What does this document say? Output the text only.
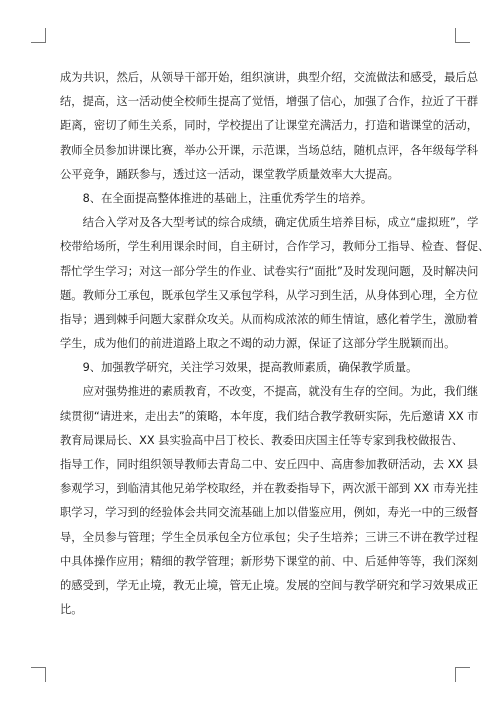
成为共识，然后，从领导干部开始，组织演讲，典型介绍，交流做法和感受，最后总
结，提高，这一活动使全校师生提高了觉悟，增强了信心，加强了合作，拉近了干群
距离，密切了师生关系，同时，学校提出了让课堂充满活力，打造和谐课堂的活动，
教师全员参加讲课比赛，举办公开课，示范课，当场总结，随机点评，各年级每学科
公平竞争，踊跃参与，透过这一活动，课堂教学质量效率大大提高。
　　8、在全面提高整体推进的基础上，注重优秀学生的培养。
　　结合入学对及各大型考试的综合成绩，确定优质生培养目标，成立“虚拟班”，学
校带给场所，学生利用课余时间，自主研讨，合作学习，教师分工指导、检查、督促、
帮忙学生学习；对这一部分学生的作业、试卷实行“面批”及时发现问题，及时解决问
题。教师分工承包，既承包学生又承包学科，从学习到生活，从身体到心理，全方位
指导；遇到棘手问题大家群众攻关。从而构成浓浓的师生情谊，感化着学生，激励着
学生，成为他们的前进道路上取之不竭的动力源，保证了这部分学生脱颖而出。
　　9、加强教学研究，关注学习效果，提高教师素质，确保教学质量。
　　应对强势推进的素质教育，不改变，不提高，就没有生存的空间。为此，我们继
续贯彻“请进来，走出去”的策略，本年度，我们结合教学教研实际，先后邀请 XX 市
教育局课局长、XX 县实验高中吕丁校长、教委田庆国主任等专家到我校做报告、
指导工作，同时组织领导教师去青岛二中、安丘四中、高唐参加教研活动，去 XX 县
参观学习，到临清其他兄弟学校取经，并在教委指导下，两次派干部到 XX 市寿光挂
职学习，学习到的经验体会共同交流基础上加以借鉴应用，例如，寿光一中的三级督
导，全员参与管理；学生全员承包全方位承包；尖子生培养；三讲三不讲在教学过程
中具体操作应用；精细的教学管理；新形势下课堂的前、中、后延伸等等，我们深刻
的感受到，学无止境，教无止境，管无止境。发展的空间与教学研究和学习效果成正
比。
